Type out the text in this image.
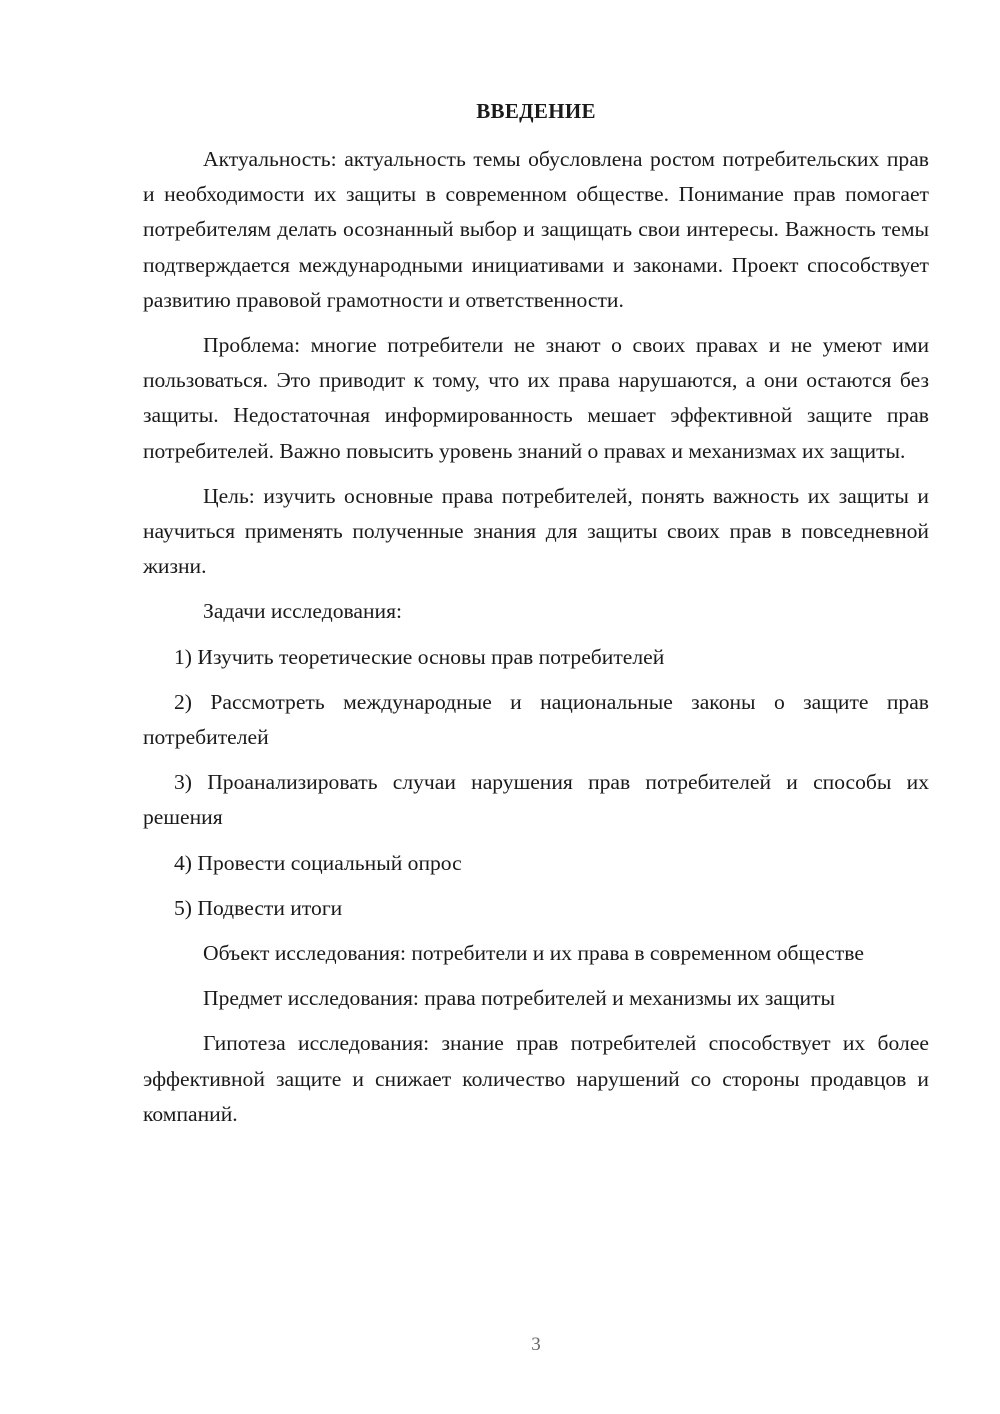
ВВЕДЕНИЕ

Актуальность: актуальность темы обусловлена ростом потребительских прав и необходимости их защиты в современном обществе. Понимание прав помогает потребителям делать осознанный выбор и защищать свои интересы. Важность темы подтверждается международными инициативами и законами. Проект способствует развитию правовой грамотности и ответственности.

Проблема: многие потребители не знают о своих правах и не умеют ими пользоваться. Это приводит к тому, что их права нарушаются, а они остаются без защиты. Недостаточная информированность мешает эффективной защите прав потребителей. Важно повысить уровень знаний о правах и механизмах их защиты.

Цель: изучить основные права потребителей, понять важность их защиты и научиться применять полученные знания для защиты своих прав в повседневной жизни.

Задачи исследования:

1) Изучить теоретические основы прав потребителей

2) Рассмотреть международные и национальные законы о защите прав потребителей

3) Проанализировать случаи нарушения прав потребителей и способы их решения

4) Провести социальный опрос

5) Подвести итоги

Объект исследования: потребители и их права в современном обществе

Предмет исследования: права потребителей и механизмы их защиты

Гипотеза исследования: знание прав потребителей способствует их более эффективной защите и снижает количество нарушений со стороны продавцов и компаний.

3
